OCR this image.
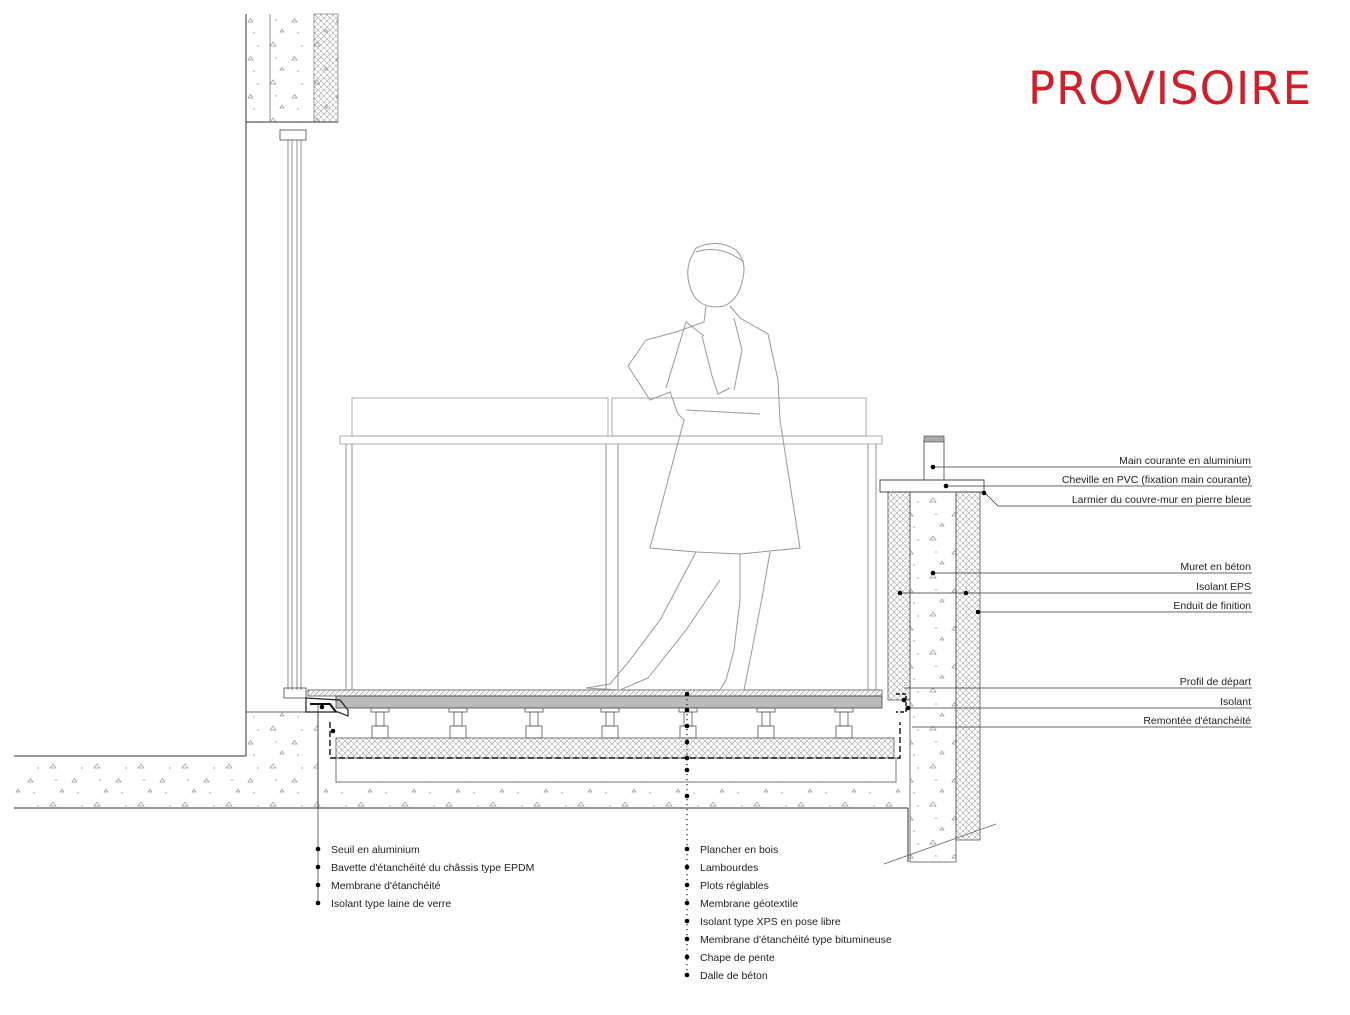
PROVISOIRE
Main courante en aluminium
Cheville en PVC (fixation main courante)
Larmier du couvre-mur en pierre bleue
Muret en béton
Isolant EPS
Enduit de finition
Profil de départ
Isolant
Remontée d'étanchéité
Seuil en aluminium
Bavette d'étanchéité du châssis type EPDM
Membrane d'étanchéité
Isolant type laine de verre
Plancher en bois
Lambourdes
Plots réglables
Membrane géotextile
Isolant type XPS en pose libre
Membrane d'étanchéité type bitumineuse
Chape de pente
Dalle de béton
